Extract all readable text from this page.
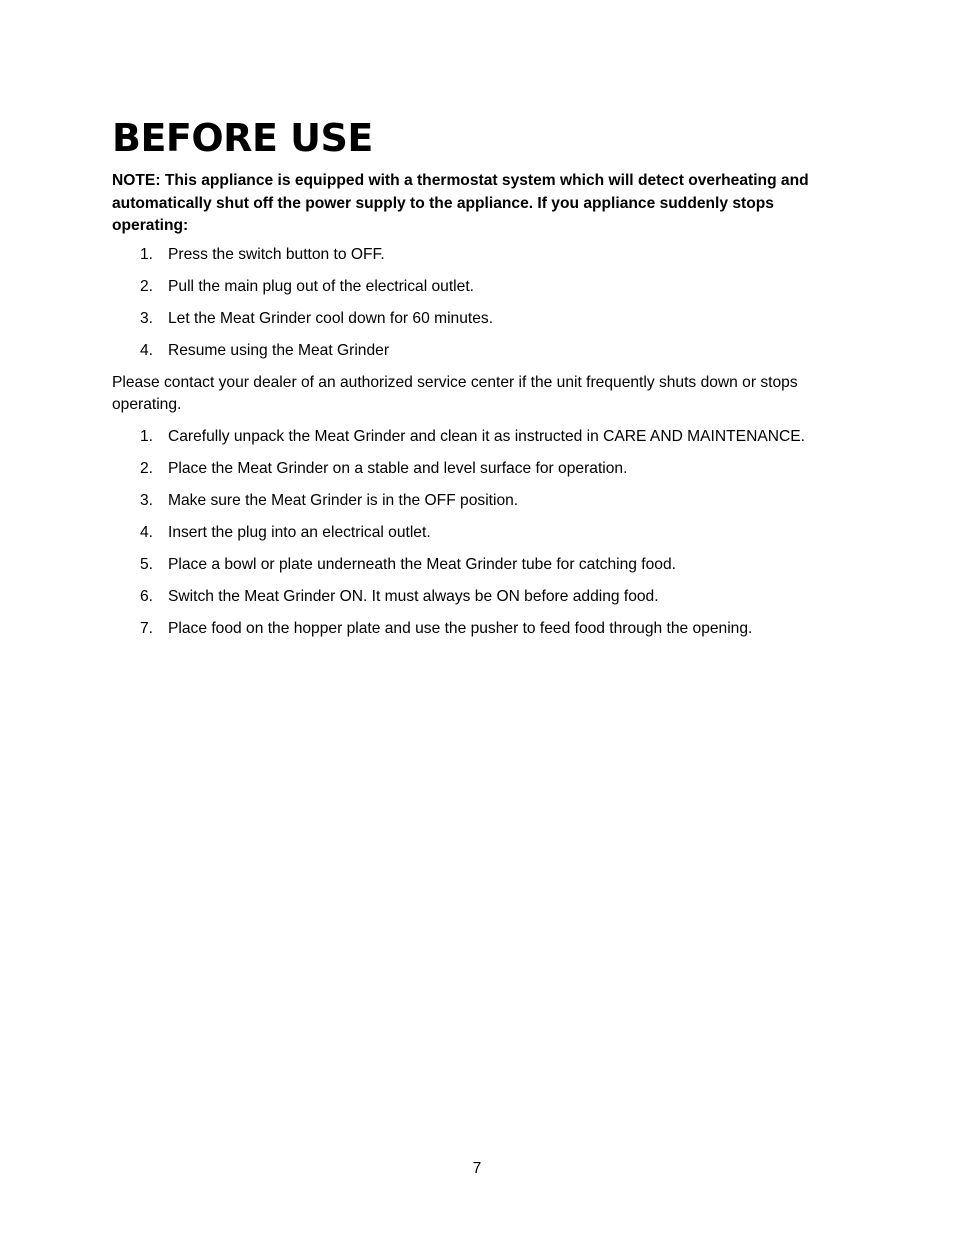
BEFORE USE

NOTE: This appliance is equipped with a thermostat system which will detect overheating and automatically shut off the power supply to the appliance. If you appliance suddenly stops operating:

1. Press the switch button to OFF.
2. Pull the main plug out of the electrical outlet.
3. Let the Meat Grinder cool down for 60 minutes.
4. Resume using the Meat Grinder

Please contact your dealer of an authorized service center if the unit frequently shuts down or stops operating.

1. Carefully unpack the Meat Grinder and clean it as instructed in CARE AND MAINTENANCE.
2. Place the Meat Grinder on a stable and level surface for operation.
3. Make sure the Meat Grinder is in the OFF position.
4. Insert the plug into an electrical outlet.
5. Place a bowl or plate underneath the Meat Grinder tube for catching food.
6. Switch the Meat Grinder ON. It must always be ON before adding food.
7. Place food on the hopper plate and use the pusher to feed food through the opening.
7
